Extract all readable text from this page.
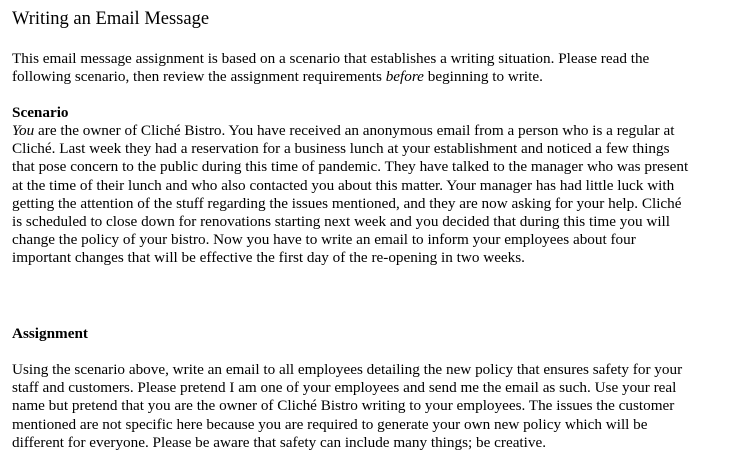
Writing an Email Message

This email message assignment is based on a scenario that establishes a writing situation. Please read the
following scenario, then review the assignment requirements before beginning to write.

Scenario

You are the owner of Cliché Bistro. You have received an anonymous email from a person who is a regular at
Cliché. Last week they had a reservation for a business lunch at your establishment and noticed a few things
that pose concern to the public during this time of pandemic. They have talked to the manager who was present
at the time of their lunch and who also contacted you about this matter. Your manager has had little luck with
getting the attention of the stuff regarding the issues mentioned, and they are now asking for your help. Cliché
is scheduled to close down for renovations starting next week and you decided that during this time you will
change the policy of your bistro. Now you have to write an email to inform your employees about four
important changes that will be effective the first day of the re-opening in two weeks.

Assignment

Using the scenario above, write an email to all employees detailing the new policy that ensures safety for your
staff and customers. Please pretend I am one of your employees and send me the email as such. Use your real
name but pretend that you are the owner of Cliché Bistro writing to your employees. The issues the customer
mentioned are not specific here because you are required to generate your own new policy which will be
different for everyone. Please be aware that safety can include many things; be creative.
